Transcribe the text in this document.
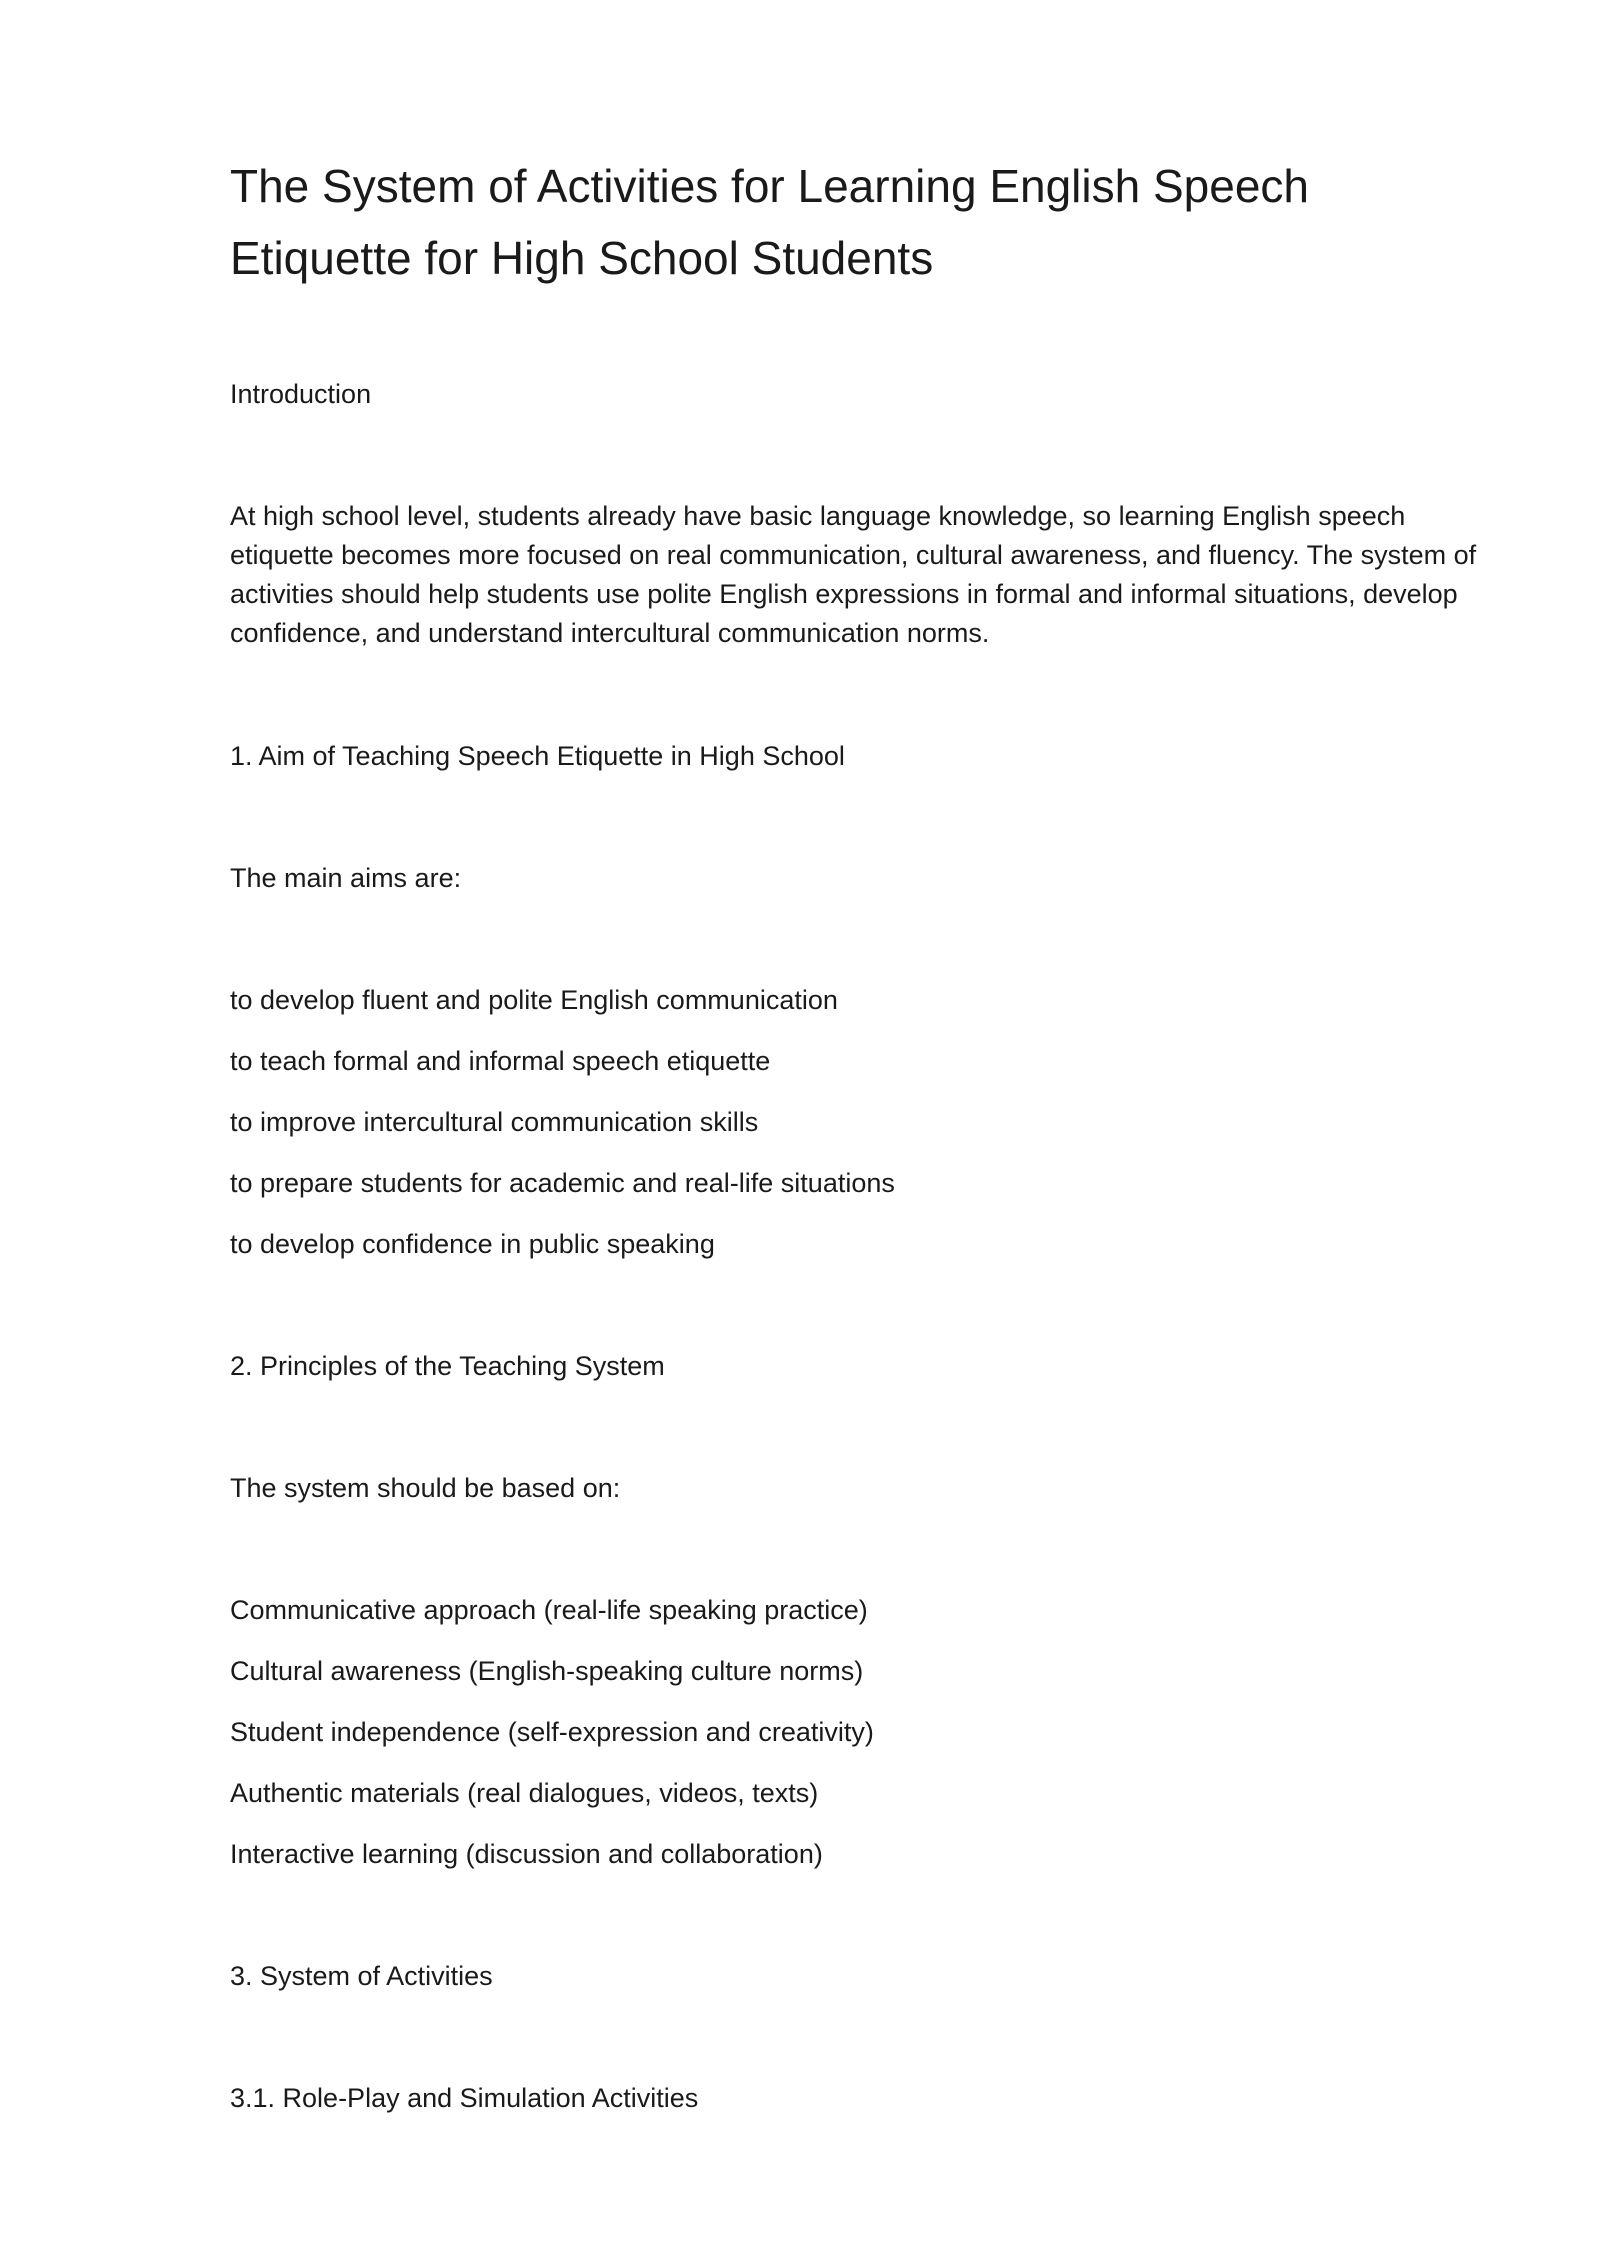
The System of Activities for Learning English Speech
Etiquette for High School Students

Introduction

At high school level, students already have basic language knowledge, so learning English speech
etiquette becomes more focused on real communication, cultural awareness, and fluency. The system of
activities should help students use polite English expressions in formal and informal situations, develop
confidence, and understand intercultural communication norms.

1. Aim of Teaching Speech Etiquette in High School

The main aims are:

to develop fluent and polite English communication

to teach formal and informal speech etiquette

to improve intercultural communication skills

to prepare students for academic and real-life situations

to develop confidence in public speaking

2. Principles of the Teaching System

The system should be based on:

Communicative approach (real-life speaking practice)

Cultural awareness (English-speaking culture norms)

Student independence (self-expression and creativity)

Authentic materials (real dialogues, videos, texts)

Interactive learning (discussion and collaboration)

3. System of Activities

3.1. Role-Play and Simulation Activities
